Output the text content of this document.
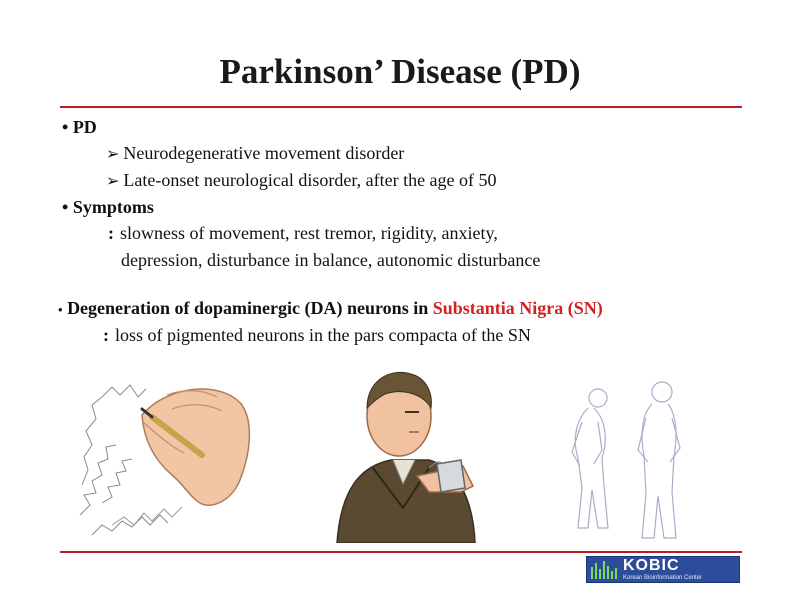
Parkinson’ Disease (PD)
• PD
➢ Neurodegenerative movement disorder
➢ Late-onset neurological disorder, after the age of 50
• Symptoms
: slowness of movement, rest tremor, rigidity, anxiety,
depression, disturbance in balance, autonomic disturbance
• Degeneration of dopaminergic (DA) neurons in Substantia Nigra (SN)
: loss of pigmented neurons in the pars compacta of the SN
KOBIC
Korean Bioinformation Center
